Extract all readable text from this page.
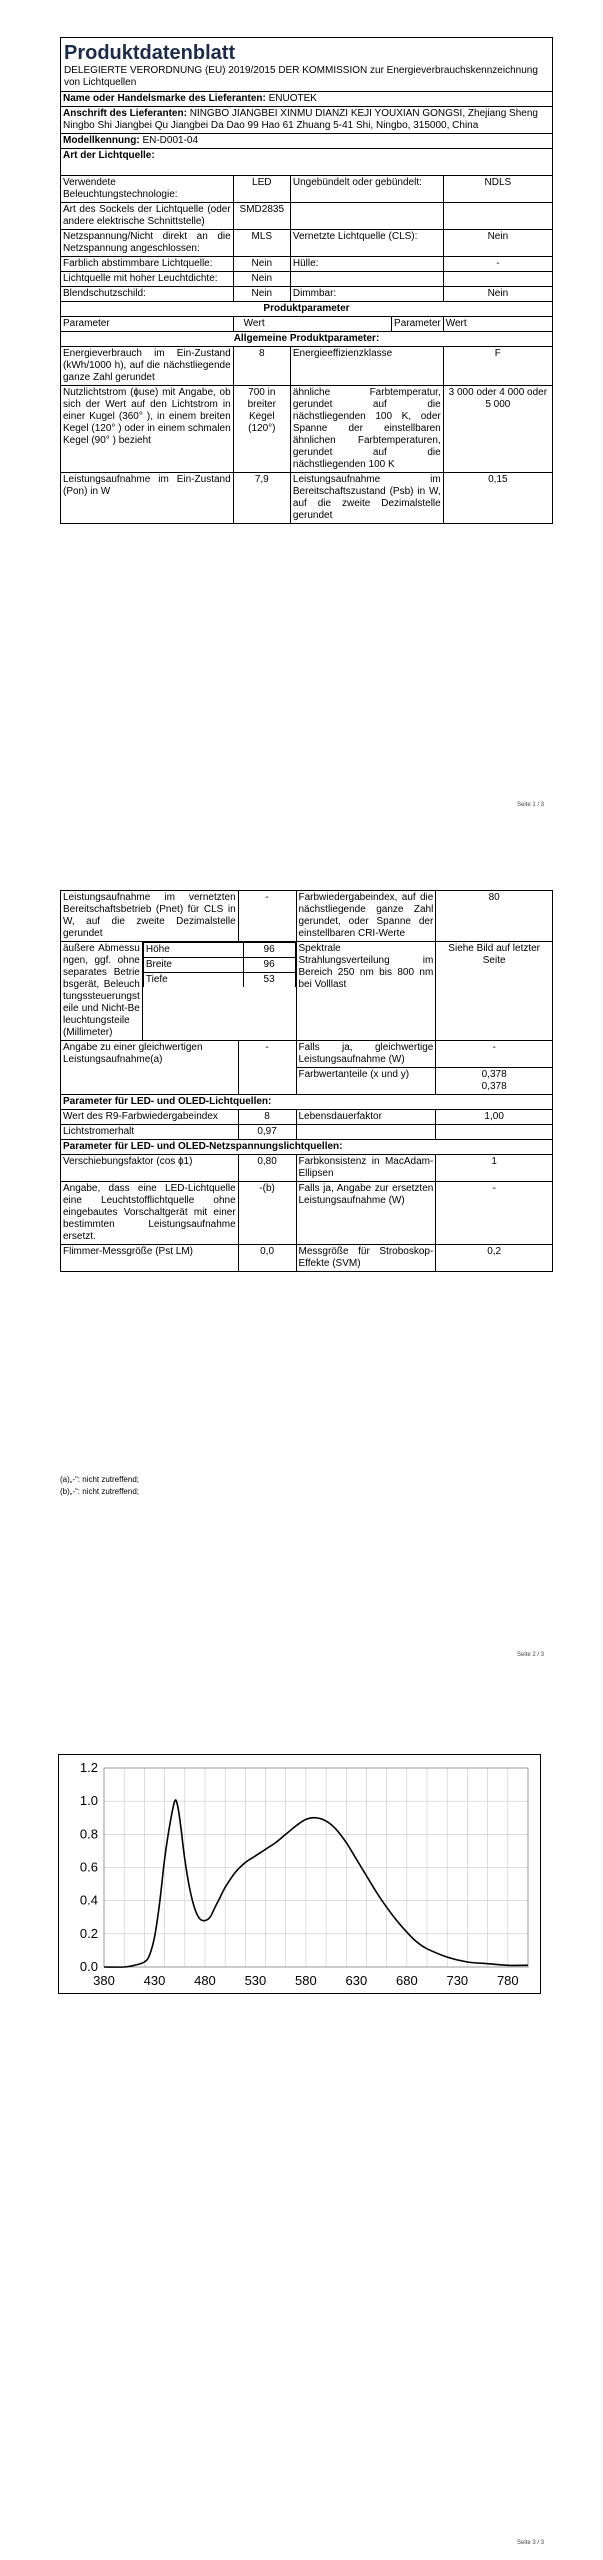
Produktdatenblatt
DELEGIERTE VERORDNUNG (EU) 2019/2015 DER KOMMISSION zur Energieverbrauchskennzeichnung von Lichtquellen				

Name oder Handelsmarke des Lieferanten: ENUOTEK				
Anschrift des Lieferanten: NINGBO JIANGBEI XINMU DIANZI KEJI YOUXIAN GONGSI, Zhejiang Sheng Ningbo Shi Jiangbei Qu Jiangbei Da Dao 99 Hao 61 Zhuang 5-41 Shi, Ningbo, 315000, China				
Modellkennung: EN-D001-04				
Art der Lichtquelle:				
Verwendete Beleuchtungstechnologie:	LED	Ungebündelt oder gebündelt:		NDLS
Art des Sockels der Lichtquelle (oder andere elektrische Schnittstelle)	SMD2835			
Netzspannung/Nicht direkt an die Netzspannung angeschlossen:	MLS	Vernetzte Lichtquelle (CLS):		Nein
Farblich abstimmbare Lichtquelle:	Nein	Hülle:		-
Lichtquelle mit hoher Leuchtdichte:	Nein			
Blendschutzschild:	Nein	Dimmbar:		Nein
Produktparameter				
Parameter	Wert		Parameter	Wert
Allgemeine Produktparameter:				
Energieverbrauch im Ein-Zustand (kWh/1000 h), auf die nächstliegende ganze Zahl gerundet	8	Energieeffizienzklasse		F
Nutzlichtstrom (ɸuse) mit Angabe, ob sich der Wert auf den Lichtstrom in einer Kugel (360° ), in einem breiten Kegel (120° ) oder in einem schmalen Kegel (90° ) bezieht	700 in breiter Kegel (120°)	ähnliche Farbtemperatur, gerundet auf die nächstliegenden 100 K, oder Spanne der einstellbaren ähnlichen Farbtemperaturen, gerundet auf die nächstliegenden 100 K		3 000 oder 4 000 oder 5 000
Leistungsaufnahme im Ein-Zustand (Pon) in W	7,9	Leistungsaufnahme im Bereitschaftszustand (Psb) in W, auf die zweite Dezimalstelle gerundet		0,15
Seite 1 / 3
Leistungsaufnahme im vernetzten Bereitschaftsbetrieb (Pnet) für CLS in W, auf die zweite Dezimalstelle gerundet	-	Farbwiedergabeindex, auf die nächstliegende ganze Zahl gerundet, oder Spanne der einstellbaren CRI-Werte	80
äußere Abmessungen, ggf. ohne separates Betriebsgerät, Beleuchtungssteuerungsteile und Nicht-Beleuchtungsteile (Millimeter)	
Höhe	96
Breite	96
Tiefe	53
	Spektrale Strahlungsverteilung im Bereich 250 nm bis 800 nm bei Volllast	Siehe Bild auf letzter Seite
Angabe zu einer gleichwertigen Leistungsaufnahme(a)	-	Falls ja, gleichwertige Leistungsaufnahme (W)	-
Farbwertanteile (x und y)	0,378
0,378

Parameter für LED- und OLED-Lichtquellen:
Wert des R9-Farbwiedergabeindex	8	Lebensdauerfaktor	1,00
Lichtstromerhalt	0,97		
Parameter für LED- und OLED-Netzspannungslichtquellen:
Verschiebungsfaktor (cos ɸ1)	0,80	Farbkonsistenz in MacAdam-Ellipsen	1
Angabe, dass eine LED-Lichtquelle eine Leuchtstofflichtquelle ohne eingebautes Vorschaltgerät mit einer bestimmten Leistungsaufnahme ersetzt.	-(b)	Falls ja, Angabe zur ersetzten Leistungsaufnahme (W)	-
Flimmer-Messgröße (Pst LM)	0,0	Messgröße für Stroboskop-Effekte (SVM)	0,2
(a)„-“: nicht zutreffend;
(b)„-“: nicht zutreffend;
Seite 2 / 3
0.0
0.2
0.4
0.6
0.8
1.0
1.2
380 430 480 530 580 630 680 730 780
Seite 3 / 3
